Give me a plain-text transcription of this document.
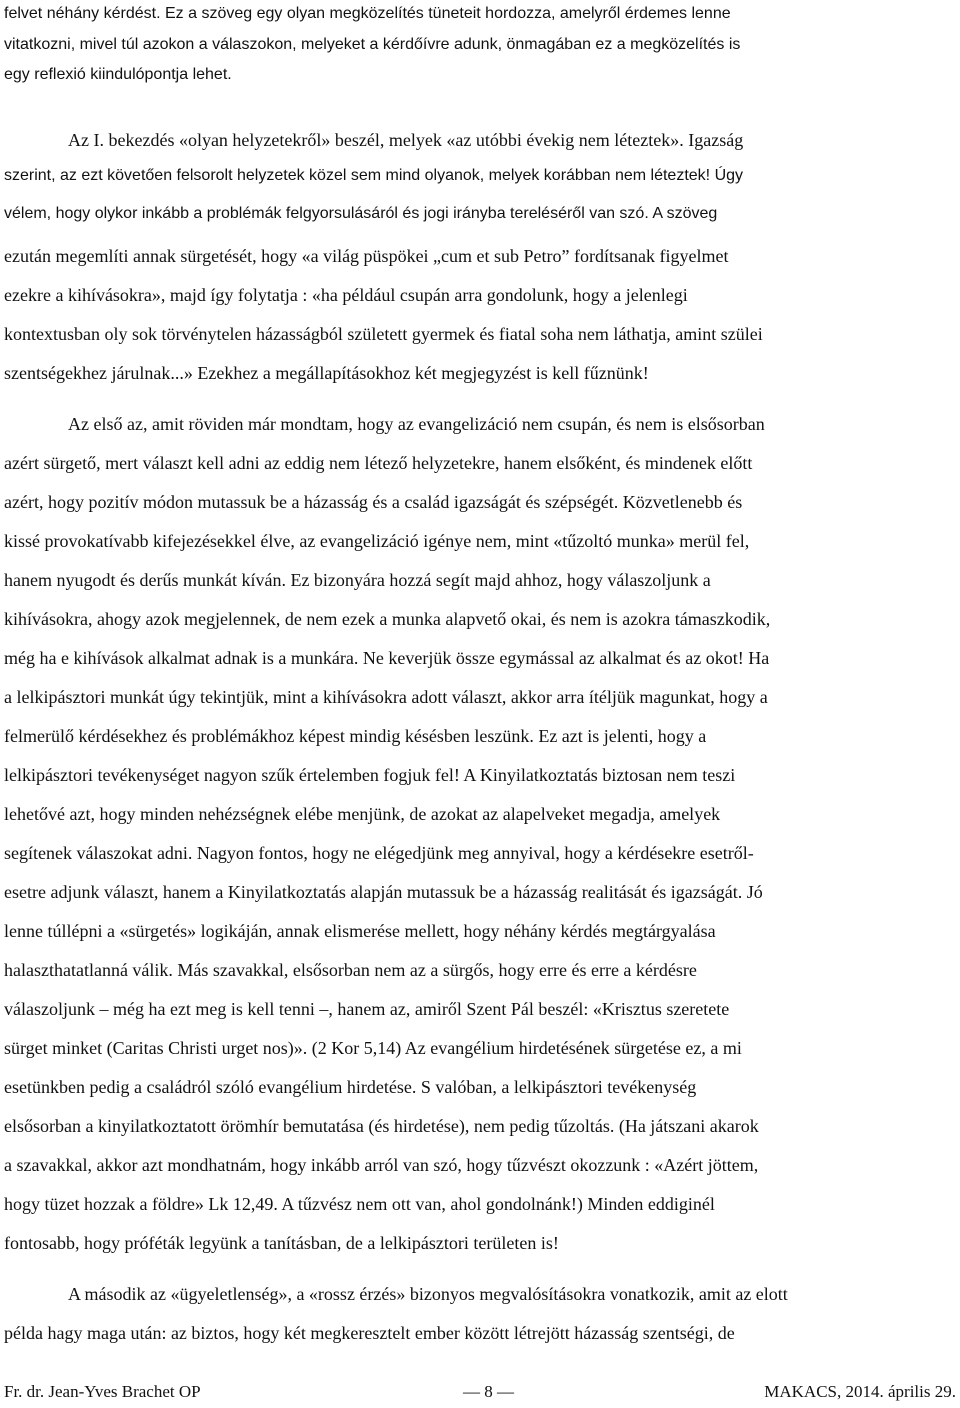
felvet néhány kérdést. Ez a szöveg egy olyan megközelítés tüneteit hordozza, amelyről érdemes lenne

vitatkozni, mivel túl azokon a válaszokon, melyeket a kérdőívre adunk, önmagában ez a megközelítés is

egy reflexió kiindulópontja lehet.

Az I. bekezdés «olyan helyzetekről» beszél, melyek «az utóbbi évekig nem léteztek». Igazság

szerint, az ezt követően felsorolt helyzetek közel sem mind olyanok, melyek korábban nem léteztek! Úgy

vélem, hogy olykor inkább a problémák felgyorsulásáról és jogi irányba tereléséről van szó. A szöveg

ezután megemlíti annak sürgetését, hogy «a világ püspökei „cum et sub Petro” fordítsanak figyelmet

ezekre a kihívásokra», majd így folytatja : «ha például csupán arra gondolunk, hogy a jelenlegi

kontextusban oly sok törvénytelen házasságból született gyermek és fiatal soha nem láthatja, amint szülei

szentségekhez járulnak...» Ezekhez a megállapításokhoz két megjegyzést is kell fűznünk!

Az első az, amit röviden már mondtam, hogy az evangelizáció nem csupán, és nem is elsősorban

azért sürgető, mert választ kell adni az eddig nem létező helyzetekre, hanem elsőként, és mindenek előtt

azért, hogy pozitív módon mutassuk be a házasság és a család igazságát és szépségét. Közvetlenebb és

kissé provokatívabb kifejezésekkel élve, az evangelizáció igénye nem, mint «tűzoltó munka» merül fel,

hanem nyugodt és derűs munkát kíván. Ez bizonyára hozzá segít majd ahhoz, hogy válaszoljunk a

kihívásokra, ahogy azok megjelennek, de nem ezek a munka alapvető okai, és nem is azokra támaszkodik,

még ha e kihívások alkalmat adnak is a munkára. Ne keverjük össze egymással az alkalmat és az okot! Ha

a lelkipásztori munkát úgy tekintjük, mint a kihívásokra adott választ, akkor arra ítéljük magunkat, hogy a

felmerülő kérdésekhez és problémákhoz képest mindig késésben leszünk. Ez azt is jelenti, hogy a

lelkipásztori tevékenységet nagyon szűk értelemben fogjuk fel! A Kinyilatkoztatás biztosan nem teszi

lehetővé azt, hogy minden nehézségnek elébe menjünk, de azokat az alapelveket megadja, amelyek

segítenek válaszokat adni. Nagyon fontos, hogy ne elégedjünk meg annyival, hogy a kérdésekre esetről-

esetre adjunk választ, hanem a Kinyilatkoztatás alapján mutassuk be a házasság realitását és igazságát. Jó

lenne túllépni a «sürgetés» logikáján, annak elismerése mellett, hogy néhány kérdés megtárgyalása

halaszthatatlanná válik. Más szavakkal, elsősorban nem az a sürgős, hogy erre és erre a kérdésre

válaszoljunk – még ha ezt meg is kell tenni –, hanem az, amiről Szent Pál beszél: «Krisztus szeretete

sürget minket (Caritas Christi urget nos)». (2 Kor 5,14) Az evangélium hirdetésének sürgetése ez, a mi

esetünkben pedig a családról szóló evangélium hirdetése. S valóban, a lelkipásztori tevékenység

elsősorban a kinyilatkoztatott örömhír bemutatása (és hirdetése), nem pedig tűzoltás. (Ha játszani akarok

a szavakkal, akkor azt mondhatnám, hogy inkább arról van szó, hogy tűzvészt okozzunk : «Azért jöttem,

hogy tüzet hozzak a földre» Lk 12,49. A tűzvész nem ott van, ahol gondolnánk!) Minden eddiginél

fontosabb, hogy próféták legyünk a tanításban, de a lelkipásztori területen is!

A második az «ügyeletlenség», a «rossz érzés» bizonyos megvalósításokra vonatkozik, amit az elott

példa hagy maga után: az biztos, hogy két megkeresztelt ember között létrejött házasság szentségi, de

Fr. dr. Jean-Yves Brachet OP	— 8 —	MAKACS, 2014. április 29.
